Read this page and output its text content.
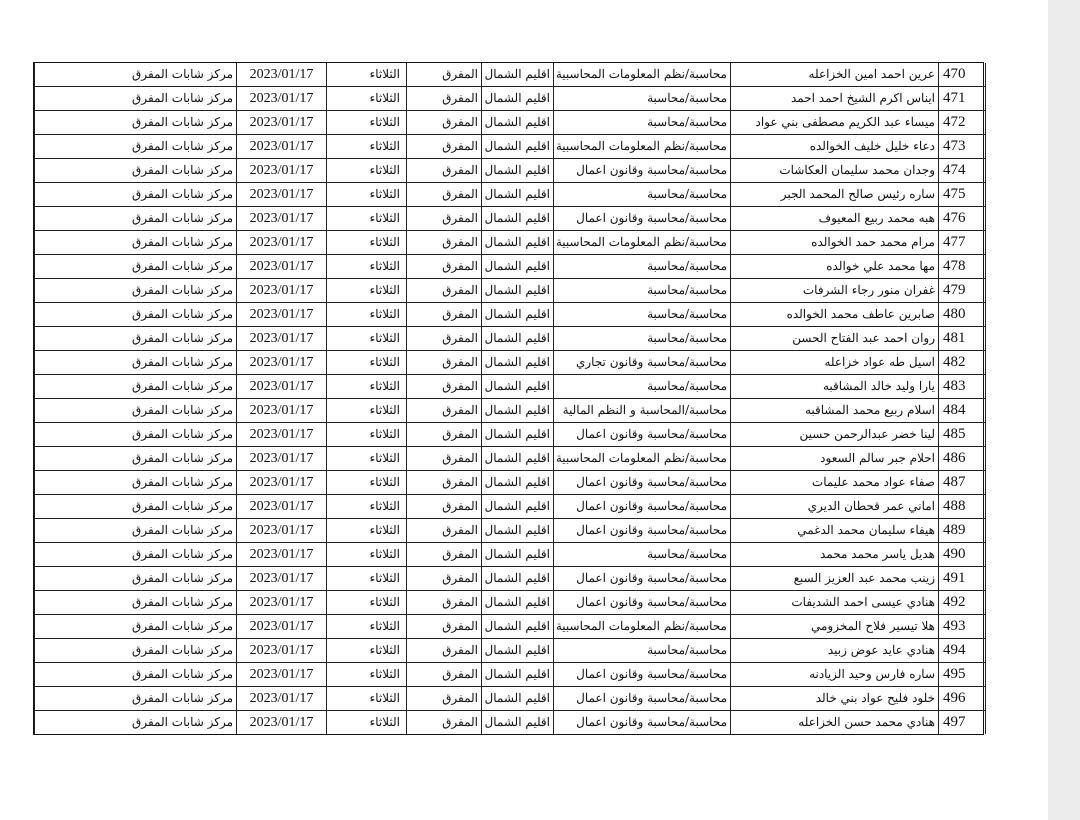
470	عرين احمد امين الخزاعله	محاسبة/نظم المعلومات المحاسبية	اقليم الشمال	المفرق	الثلاثاء	2023/01/17	مركز شابات المفرق
471	ايناس اكرم الشيخ احمد احمد	محاسبة/محاسبة	اقليم الشمال	المفرق	الثلاثاء	2023/01/17	مركز شابات المفرق
472	ميساء عبد الكريم مصطفى بني عواد	محاسبة/محاسبة	اقليم الشمال	المفرق	الثلاثاء	2023/01/17	مركز شابات المفرق
473	دعاء خليل خليف الخوالده	محاسبة/نظم المعلومات المحاسبية	اقليم الشمال	المفرق	الثلاثاء	2023/01/17	مركز شابات المفرق
474	وجدان محمد سليمان العكاشات	محاسبة/محاسبة وقانون اعمال	اقليم الشمال	المفرق	الثلاثاء	2023/01/17	مركز شابات المفرق
475	ساره رئيس صالح المحمد الجبر	محاسبة/محاسبة	اقليم الشمال	المفرق	الثلاثاء	2023/01/17	مركز شابات المفرق
476	هبه محمد ربيع المعيوف	محاسبة/محاسبة وقانون اعمال	اقليم الشمال	المفرق	الثلاثاء	2023/01/17	مركز شابات المفرق
477	مرام محمد حمد الخوالده	محاسبة/نظم المعلومات المحاسبية	اقليم الشمال	المفرق	الثلاثاء	2023/01/17	مركز شابات المفرق
478	مها محمد علي خوالده	محاسبة/محاسبة	اقليم الشمال	المفرق	الثلاثاء	2023/01/17	مركز شابات المفرق
479	غفران منور رجاء الشرفات	محاسبة/محاسبة	اقليم الشمال	المفرق	الثلاثاء	2023/01/17	مركز شابات المفرق
480	صابرين عاطف محمد الخوالده	محاسبة/محاسبة	اقليم الشمال	المفرق	الثلاثاء	2023/01/17	مركز شابات المفرق
481	روان احمد عبد الفتاح الحسن	محاسبة/محاسبة	اقليم الشمال	المفرق	الثلاثاء	2023/01/17	مركز شابات المفرق
482	اسيل طه عواد خزاعله	محاسبة/محاسبة وقانون تجاري	اقليم الشمال	المفرق	الثلاثاء	2023/01/17	مركز شابات المفرق
483	يارا وليد خالد المشاقبه	محاسبة/محاسبة	اقليم الشمال	المفرق	الثلاثاء	2023/01/17	مركز شابات المفرق
484	اسلام ربيع محمد المشاقبه	محاسبة/المحاسبة و النظم المالية	اقليم الشمال	المفرق	الثلاثاء	2023/01/17	مركز شابات المفرق
485	لينا خضر عبدالرحمن حسين	محاسبة/محاسبة وقانون اعمال	اقليم الشمال	المفرق	الثلاثاء	2023/01/17	مركز شابات المفرق
486	احلام جبر سالم السعود	محاسبة/نظم المعلومات المحاسبية	اقليم الشمال	المفرق	الثلاثاء	2023/01/17	مركز شابات المفرق
487	صفاء عواد محمد عليمات	محاسبة/محاسبة وقانون اعمال	اقليم الشمال	المفرق	الثلاثاء	2023/01/17	مركز شابات المفرق
488	اماني عمر قحطان الديري	محاسبة/محاسبة وقانون اعمال	اقليم الشمال	المفرق	الثلاثاء	2023/01/17	مركز شابات المفرق
489	هيفاء سليمان محمد الدغمي	محاسبة/محاسبة وقانون اعمال	اقليم الشمال	المفرق	الثلاثاء	2023/01/17	مركز شابات المفرق
490	هديل ياسر محمد محمد	محاسبة/محاسبة	اقليم الشمال	المفرق	الثلاثاء	2023/01/17	مركز شابات المفرق
491	زينب محمد عبد العزيز السبع	محاسبة/محاسبة وقانون اعمال	اقليم الشمال	المفرق	الثلاثاء	2023/01/17	مركز شابات المفرق
492	هنادي عيسى احمد الشديفات	محاسبة/محاسبة وقانون اعمال	اقليم الشمال	المفرق	الثلاثاء	2023/01/17	مركز شابات المفرق
493	هلا تيسير فلاح المخزومي	محاسبة/نظم المعلومات المحاسبية	اقليم الشمال	المفرق	الثلاثاء	2023/01/17	مركز شابات المفرق
494	هنادي عايد عوض زبيد	محاسبة/محاسبة	اقليم الشمال	المفرق	الثلاثاء	2023/01/17	مركز شابات المفرق
495	ساره فارس وحيد الزيادنه	محاسبة/محاسبة وقانون اعمال	اقليم الشمال	المفرق	الثلاثاء	2023/01/17	مركز شابات المفرق
496	خلود فليح عواد بني خالد	محاسبة/محاسبة وقانون اعمال	اقليم الشمال	المفرق	الثلاثاء	2023/01/17	مركز شابات المفرق
497	هنادي محمد حسن الخزاعله	محاسبة/محاسبة وقانون اعمال	اقليم الشمال	المفرق	الثلاثاء	2023/01/17	مركز شابات المفرق
